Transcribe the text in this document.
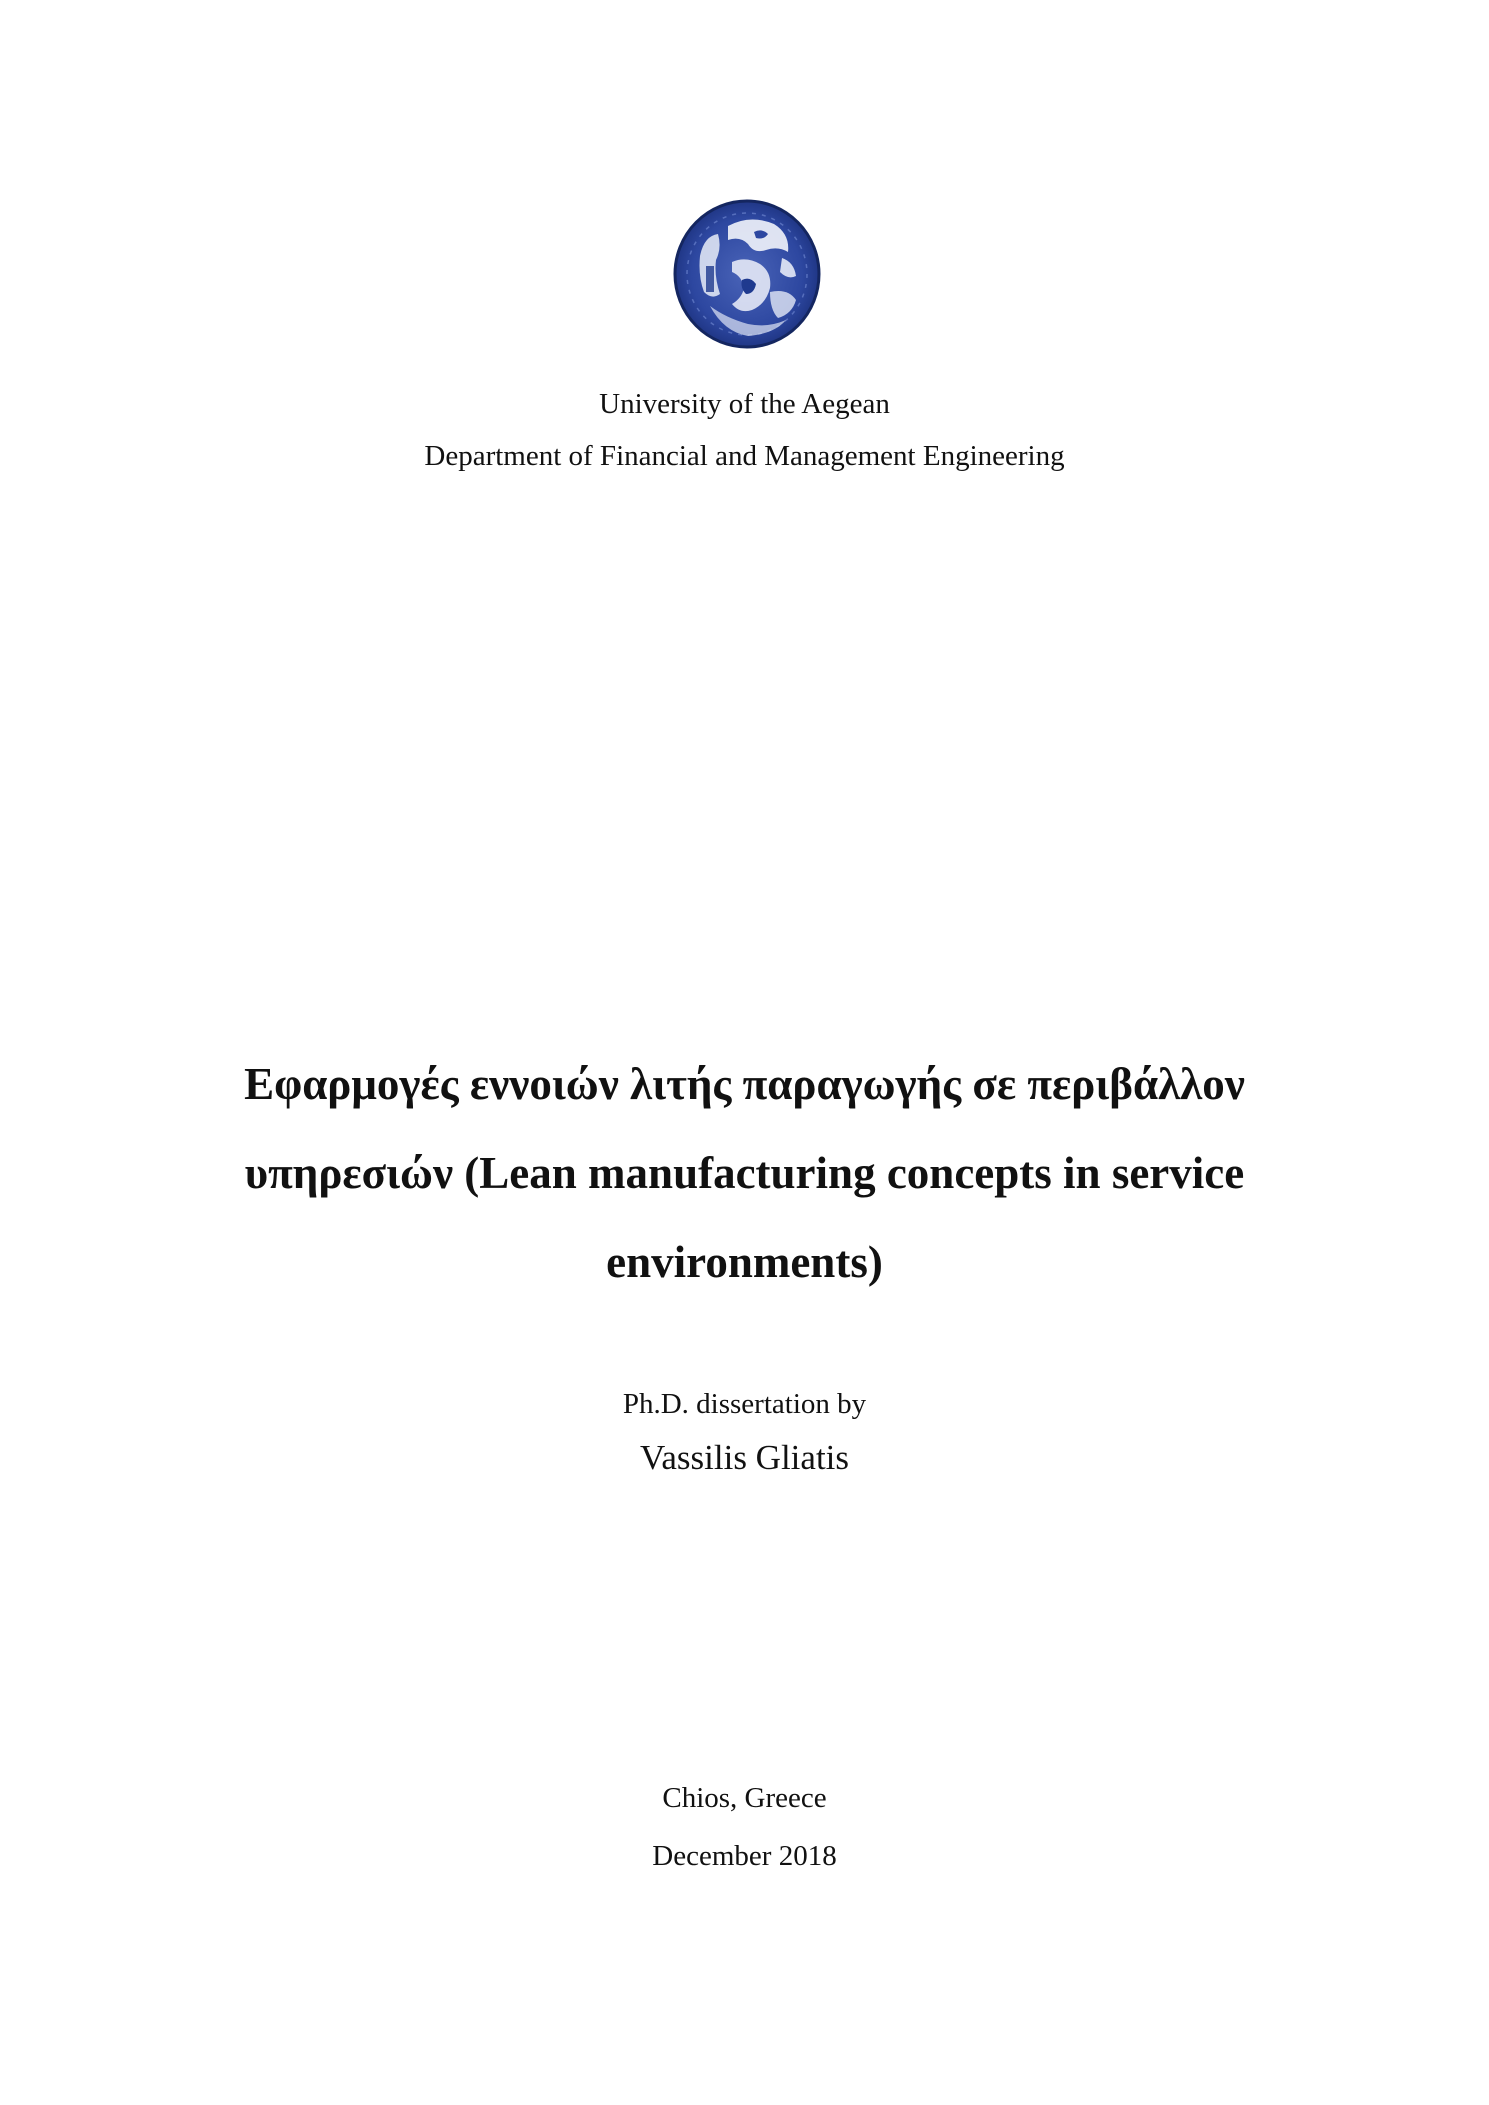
University of the Aegean

Department of Financial and Management Engineering

Εφαρμογές εννοιών λιτής παραγωγής σε περιβάλλον
υπηρεσιών (Lean manufacturing concepts in service
environments)

Ph.D. dissertation by

Vassilis Gliatis

Chios, Greece

December 2018
